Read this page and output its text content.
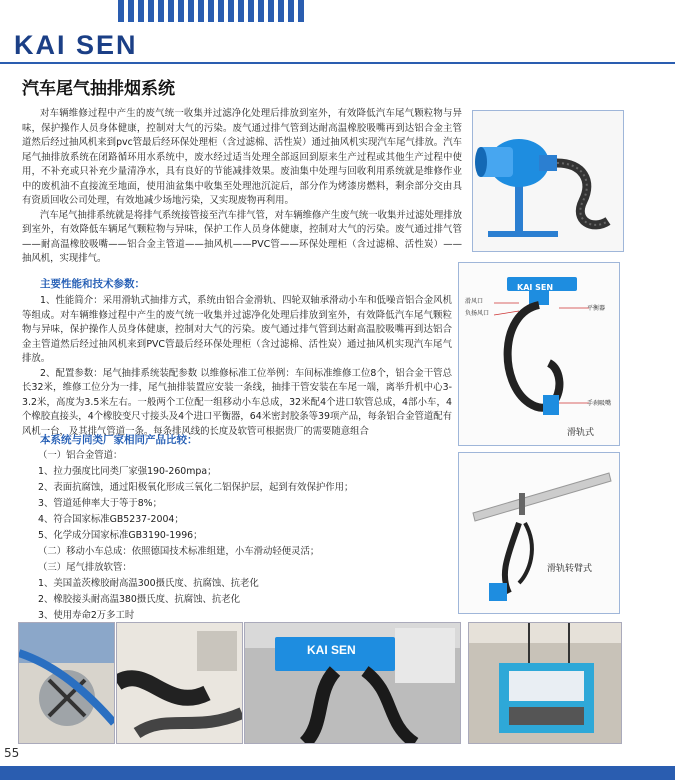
KAI SEN
汽车尾气抽排烟系统

对车辆维修过程中产生的废气统一收集并过滤净化处理后排放到室外，有效降低汽车尾气颗粒物与异味，保护操作人员身体健康，控制对大气的污染。废气通过排气管到达耐高温橡胶吸嘴再到达铝合金主管道然后经过抽风机来到pvc管最后经环保处理柜（含过滤棉、活性炭）通过抽风机实现汽车尾气排放。汽车尾气抽排放系统在闭路循环用水系统中，废水经过适当处理全部返回到原来生产过程或其他生产过程中使用，不补充或只补充少量清净水，具有良好的节能减排效果。废油集中处理与回收利用系统就是维修作业中的废机油不直接流至地面，使用油盆集中收集至处理池沉淀后，部分作为烤漆房燃料，剩余部分交由具有资质回收公司处理，有效地减少场地污染，又实现废物再利用。

汽车尾气抽排系统就是将排气系统接管接至汽车排气管，对车辆维修产生废气统一收集并过滤处理排放到室外，有效降低车辆尾气颗粒物与异味，保护工作人员身体健康，控制对大气的污染。废气通过排气管——耐高温橡胶吸嘴——铝合金主管道——抽风机——PVC管——环保处理柜（含过滤棉、活性炭）——抽风机，实现排气。

主要性能和技术参数：

1、性能简介：采用滑轨式抽排方式，系统由铝合金滑轨、四轮双轴承滑动小车和低噪音铝合金风机等组成。对车辆维修过程中产生的废气统一收集并过滤净化处理后排放到室外，有效降低汽车尾气颗粒物与异味，保护操作人员身体健康，控制对大气的污染。废气通过排气管到达耐高温胶吸嘴再到达铝合金主管道然后经过抽风机来到PVC管最后经环保处理柜（含过滤棉、活性炭）通过抽风机实现汽车尾气排放。

2、配置参数：尾气抽排系统装配参数 以维修标准工位举例：车间标准维修工位8个，铝合金干管总长32米，维修工位分为一排，尾气抽排装置应安装一条线，抽排干管安装在车尾一端，离举升机中心3-3.2米，高度为3.5米左右。一般两个工位配一组移动小车总成，32米配4个进口软管总成，4部小车，4个橡胶直接头，4个橡胶变尺寸接头及4个进口平衡器，64米密封胶条等39项产品，每条铝合金管道配有风机一台，及其排气管道一条。每条排风线的长度及软管可根据贵厂的需要随意组合

本系统与同类厂家相同产品比较：
（一）铝合金管道：
1、拉力强度比同类厂家强190-260mpa；
2、表面抗腐蚀，通过阳极氧化形成三氧化二铝保护层，起到有效保护作用；
3、管道延伸率大于等于8%；
4、符合国家标准GB5237-2004；
5、化学成分国家标准GB3190-1996；
（二）移动小车总成：依照德国技术标准组建，小车滑动轻便灵活；
（三）尾气排放软管：
1、美国盖茨橡胶耐高温300摄氏度、抗腐蚀、抗老化
2、橡胶接头耐高温380摄氏度、抗腐蚀、抗老化
3、使用寿命2万多工时
KAI SEN
滑风口
负扬风口
平衡器
手刹吸嘴
滑轨式
滑轨转臂式
KAI SEN
55
